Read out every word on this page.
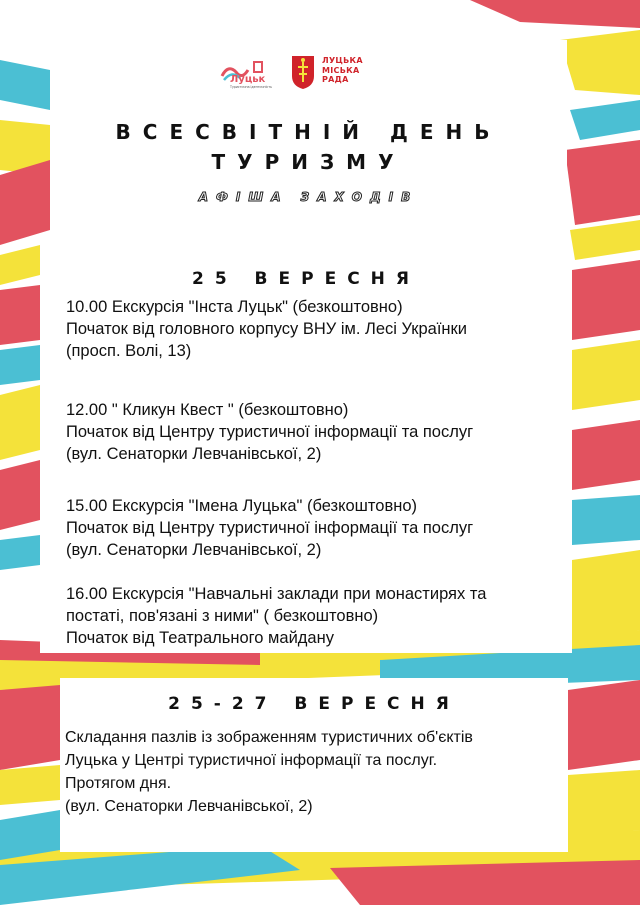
Луцьк
Туристична ідентичність
ЛУЦЬКА
МІСЬКА
РАДА
ВСЕСВІТНІЙ ДЕНЬ
ТУРИЗМУ
АФІША ЗАХОДІВ
25 ВЕРЕСНЯ
10.00 Екскурсія "Інста Луцьк" (безкоштовно)
Початок від головного корпусу ВНУ ім. Лесі Українки
(просп. Волі, 13)
12.00 " Кликун Квест " (безкоштовно)
Початок від Центру туристичної інформації та послуг
(вул. Сенаторки Левчанівської, 2)
15.00 Екскурсія "Імена Луцька" (безкоштовно)
Початок від Центру туристичної інформації та послуг
(вул. Сенаторки Левчанівської, 2)
16.00 Екскурсія "Навчальні заклади при монастирях та
постаті, пов'язані з ними" ( безкоштовно)
Початок від Театрального майдану
25-27 ВЕРЕСНЯ
Складання пазлів із зображенням туристичних об'єктів
Луцька у Центрі туристичної інформації та послуг.
Протягом дня.
(вул. Сенаторки Левчанівської, 2)
